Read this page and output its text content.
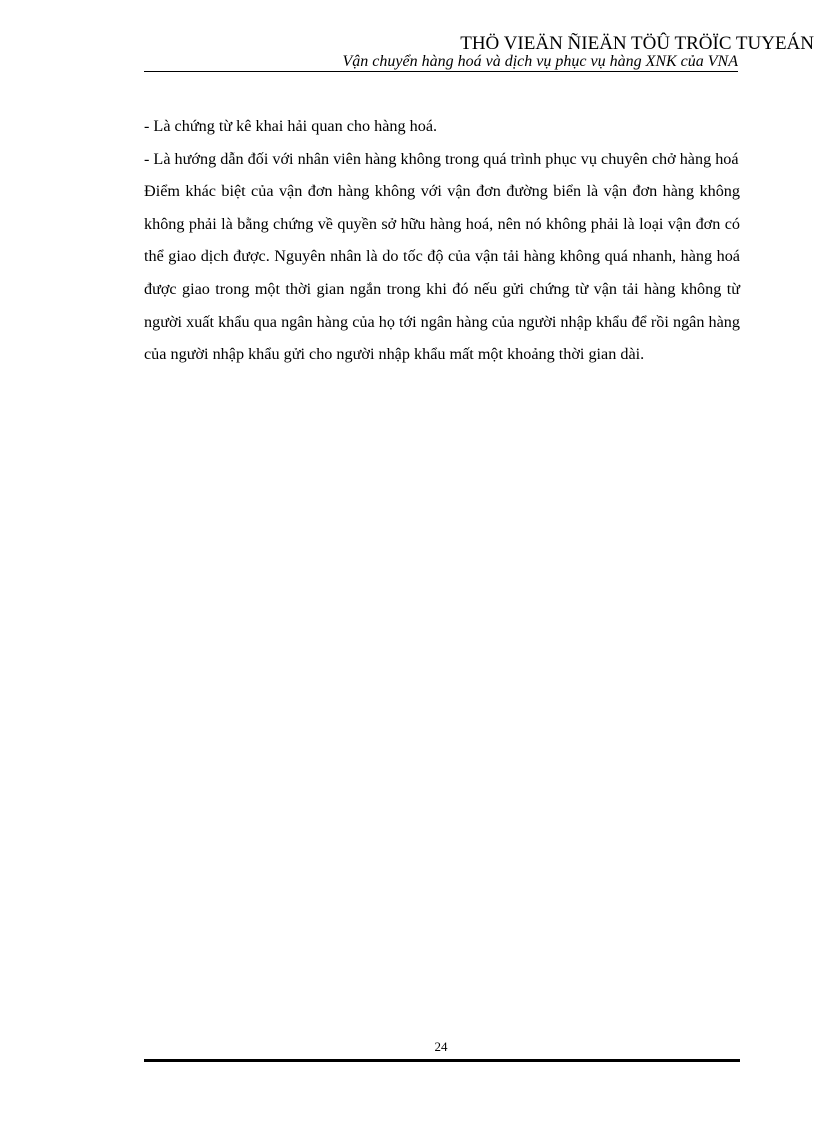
THÖ VIEÄN ÑIEÄN TÖÛ TRÖÏC TUYEÁN
Vận chuyển hàng hoá và dịch vụ phục vụ hàng XNK của VNA

- Là chứng từ kê khai hải quan cho hàng hoá.

- Là hướng dẫn đối với nhân viên hàng không trong quá trình phục vụ chuyên chở hàng hoá

Điểm khác biệt của vận đơn hàng không với vận đơn đường biển là vận đơn hàng không không phải là bằng chứng về quyền sở hữu hàng hoá, nên nó không phải là loại vận đơn có thể giao dịch được. Nguyên nhân là do tốc độ của vận tải hàng không quá nhanh, hàng hoá được giao trong một thời gian ngắn trong khi đó nếu gửi chứng từ vận tải hàng không từ người xuất khẩu qua ngân hàng của họ tới ngân hàng của người nhập khẩu để rồi ngân hàng của người nhập khẩu gửi cho người nhập khẩu mất một khoảng thời gian dài.

24
